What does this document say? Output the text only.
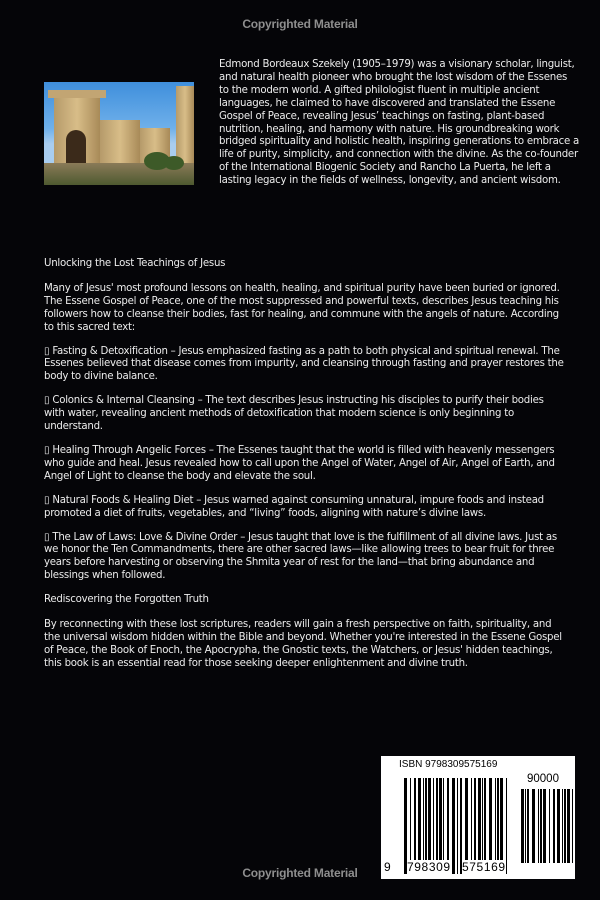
Copyrighted Material
Edmond Bordeaux Szekely (1905–1979) was a visionary scholar, linguist, and natural health pioneer who brought the lost wisdom of the Essenes to the modern world. A gifted philologist fluent in multiple ancient languages, he claimed to have discovered and translated the Essene Gospel of Peace, revealing Jesus’ teachings on fasting, plant-based nutrition, healing, and harmony with nature. His groundbreaking work bridged spirituality and holistic health, inspiring generations to embrace a life of purity, simplicity, and connection with the divine. As the co-founder of the International Biogenic Society and Rancho La Puerta, he left a lasting legacy in the fields of wellness, longevity, and ancient wisdom.

Unlocking the Lost Teachings of Jesus

Many of Jesus' most profound lessons on health, healing, and spiritual purity have been buried or ignored. The Essene Gospel of Peace, one of the most suppressed and powerful texts, describes Jesus teaching his followers how to cleanse their bodies, fast for healing, and commune with the angels of nature. According to this sacred text:

▯ Fasting & Detoxification – Jesus emphasized fasting as a path to both physical and spiritual renewal. The Essenes believed that disease comes from impurity, and cleansing through fasting and prayer restores the body to divine balance.

▯ Colonics & Internal Cleansing – The text describes Jesus instructing his disciples to purify their bodies with water, revealing ancient methods of detoxification that modern science is only beginning to understand.

▯ Healing Through Angelic Forces – The Essenes taught that the world is filled with heavenly messengers who guide and heal. Jesus revealed how to call upon the Angel of Water, Angel of Air, Angel of Earth, and Angel of Light to cleanse the body and elevate the soul.

▯ Natural Foods & Healing Diet – Jesus warned against consuming unnatural, impure foods and instead promoted a diet of fruits, vegetables, and “living” foods, aligning with nature’s divine laws.

▯ The Law of Laws: Love & Divine Order – Jesus taught that love is the fulfillment of all divine laws. Just as we honor the Ten Commandments, there are other sacred laws—like allowing trees to bear fruit for three years before harvesting or observing the Shmita year of rest for the land—that bring abundance and blessings when followed.

Rediscovering the Forgotten Truth

By reconnecting with these lost scriptures, readers will gain a fresh perspective on faith, spirituality, and the universal wisdom hidden within the Bible and beyond. Whether you're interested in the Essene Gospel of Peace, the Book of Enoch, the Apocrypha, the Gnostic texts, the Watchers, or Jesus' hidden teachings, this book is an essential read for those seeking deeper enlightenment and divine truth.

ISBN 9798309575169
90000
9 798309 575169
Copyrighted Material
